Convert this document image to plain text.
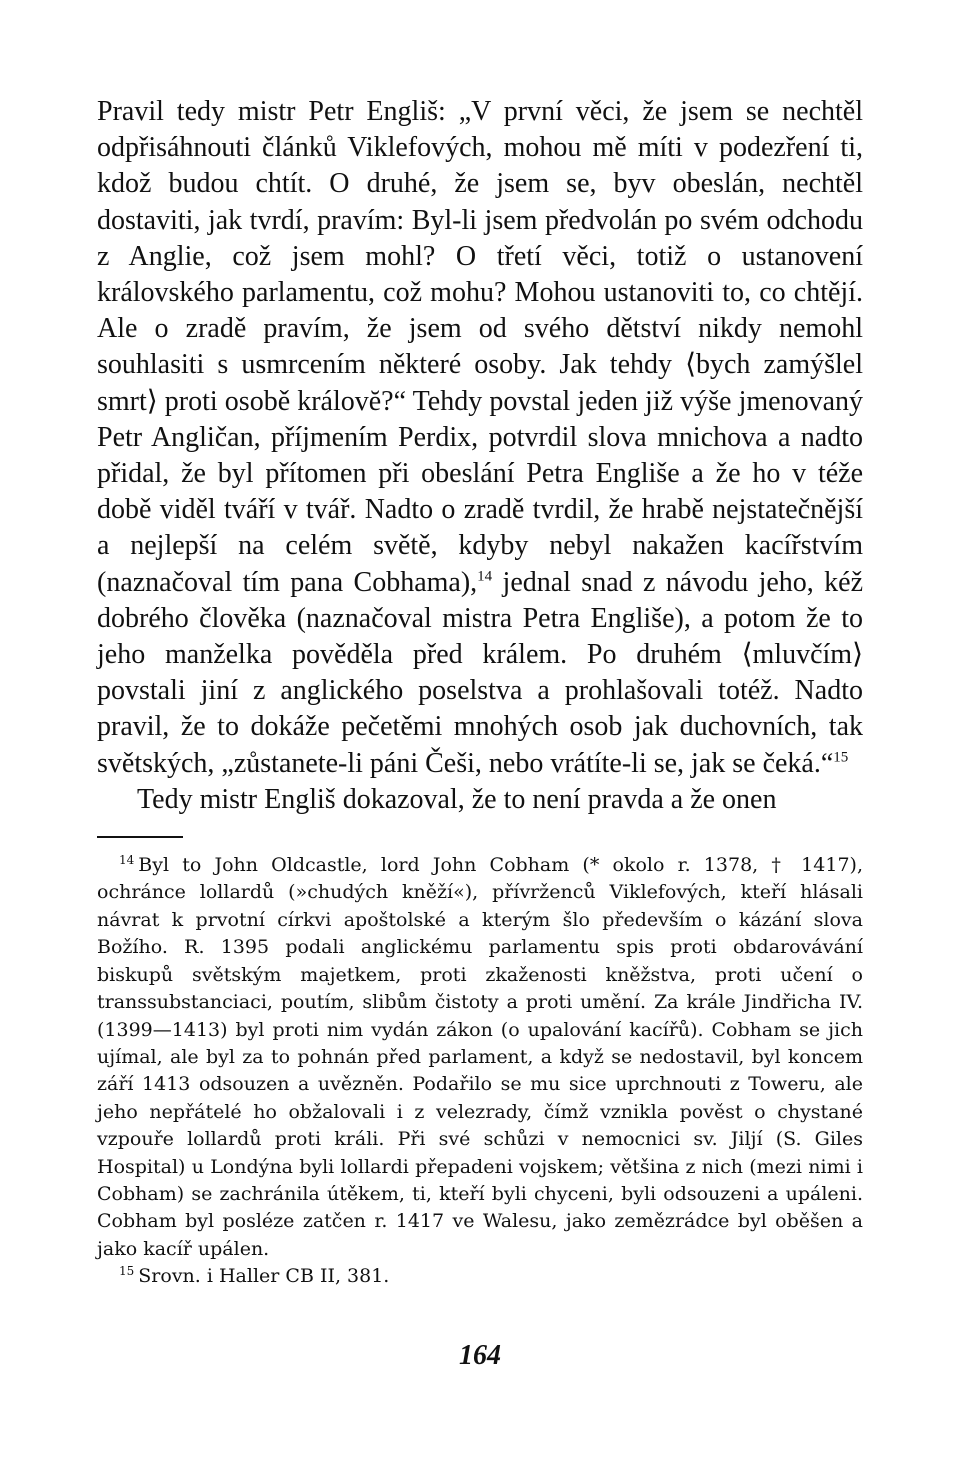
Pravil tedy mistr Petr Engliš: „V první věci, že jsem se nechtěl odpřisáhnouti článků Viklefových, mohou mě míti v podezření ti, kdož budou chtít. O druhé, že jsem se, byv obeslán, nechtěl dostaviti, jak tvrdí, pravím: Byl-li jsem předvolán po svém odchodu z Anglie, což jsem mohl? O třetí věci, totiž o ustanovení královského parlamentu, což mohu? Mohou ustanoviti to, co chtějí. Ale o zradě pravím, že jsem od svého dětství nikdy nemohl souhlasiti s usmrcením některé osoby. Jak tehdy ⟨bych zamýšlel smrt⟩ proti osobě královĕ?“ Tehdy povstal jeden již výše jmenovaný Petr Angličan, příjmením Perdix, potvrdil slova mnichova a nadto přidal, že byl přítomen při obeslání Petra Engliše a že ho v téže době viděl tváří v tvář. Nadto o zradě tvrdil, že hrabě nejstatečnější a nejlepší na celém světě, kdyby nebyl nakažen kacířstvím (naznačoval tím pana Cobhama),$^{14}$ jednal snad z návodu jeho, kéž dobrého člověka (naznačoval mistra Petra Engliše), a potom že to jeho manželka pověděla před králem. Po druhém ⟨mluvčím⟩ povstali jiní z anglického poselstva a prohlašovali totéž. Nadto pravil, že to dokáže pečetěmi mnohých osob jak duchovních, tak světských, „zůstanete-li páni Češi, nebo vrátíte-li se, jak se čeká.“$^{15}$

Tedy mistr Engliš dokazoval, že to není pravda a že onen

$^{14}$ Byl to John Oldcastle, lord John Cobham (* okolo r. 1378, † 1417), ochránce lollardů (»chudých kněží«), přívrženců Viklefových, kteří hlásali návrat k prvotní církvi apoštolské a kterým šlo především o kázání slova Božího. R. 1395 podali anglickému parlamentu spis proti obdarovávání biskupů světským majetkem, proti zkaženosti kněžstva, proti učení o transsubstanciaci, poutím, slibům čistoty a proti umění. Za krále Jindřicha IV. (1399—1413) byl proti nim vydán zákon (o upalování kacířů). Cobham se jich ujímal, ale byl za to pohnán před parlament, a když se nedostavil, byl koncem září 1413 odsouzen a uvězněn. Podařilo se mu sice uprchnouti z Toweru, ale jeho nepřátelé ho obžalovali i z velezrady, čímž vznikla pověst o chystané vzpouře lollardů proti králi. Při své schůzi v nemocnici sv. Jiljí (S. Giles Hospital) u Londýna byli lollardi přepadeni vojskem; většina z nich (mezi nimi i Cobham) se zachránila útěkem, ti, kteří byli chyceni, byli odsouzeni a upáleni. Cobham byl posléze zatčen r. 1417 ve Walesu, jako zemězrádce byl oběšen a jako kacíř upálen.

$^{15}$ Srovn. i Haller CB II, 381.

164
